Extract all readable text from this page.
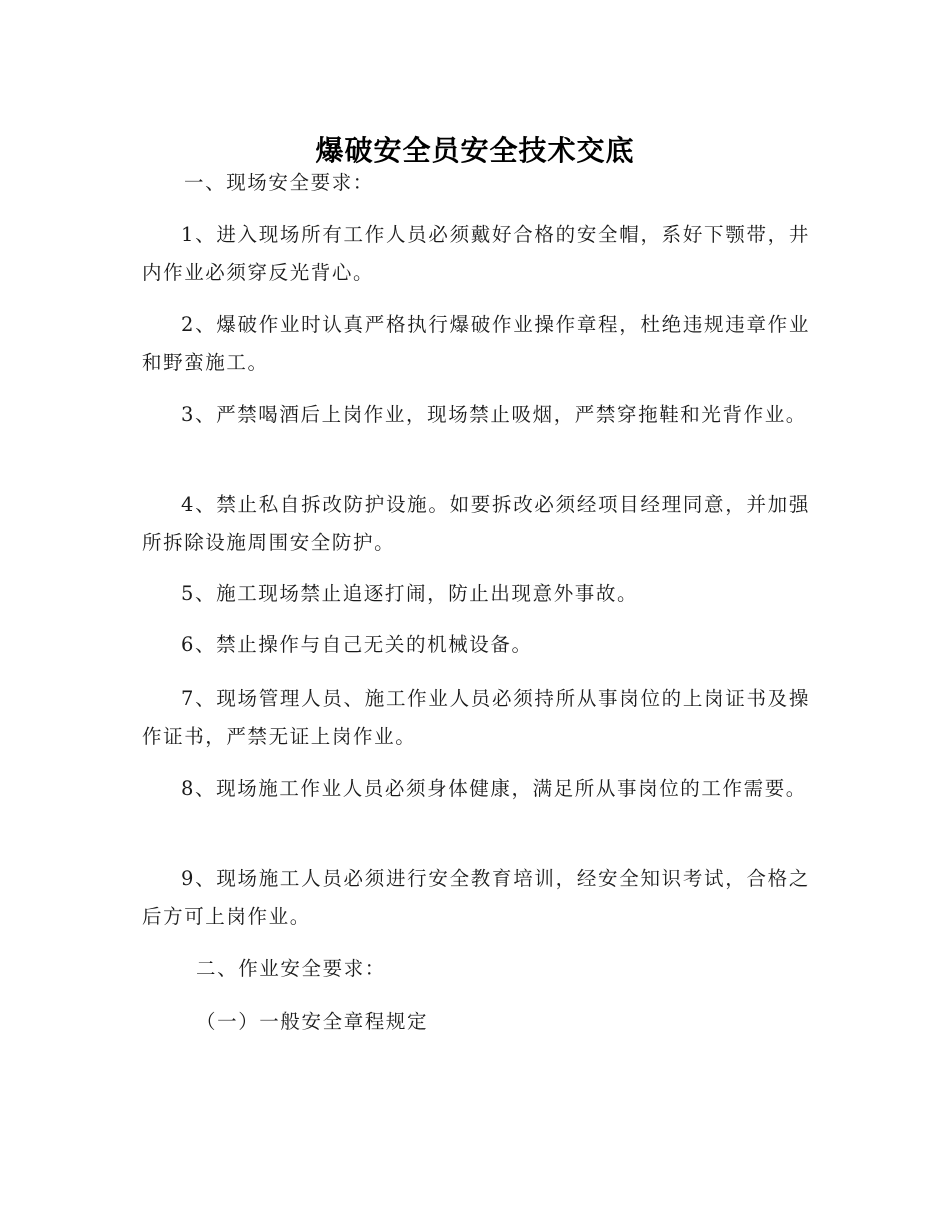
爆破安全员安全技术交底

一、现场安全要求：

1、进入现场所有工作人员必须戴好合格的安全帽，系好下颚带，井内作业必须穿反光背心。

2、爆破作业时认真严格执行爆破作业操作章程，杜绝违规违章作业和野蛮施工。

3、严禁喝酒后上岗作业，现场禁止吸烟，严禁穿拖鞋和光背作业。

4、禁止私自拆改防护设施。如要拆改必须经项目经理同意，并加强所拆除设施周围安全防护。

5、施工现场禁止追逐打闹，防止出现意外事故。

6、禁止操作与自己无关的机械设备。

7、现场管理人员、施工作业人员必须持所从事岗位的上岗证书及操作证书，严禁无证上岗作业。

8、现场施工作业人员必须身体健康，满足所从事岗位的工作需要。

9、现场施工人员必须进行安全教育培训，经安全知识考试，合格之后方可上岗作业。

二、作业安全要求：

（一）一般安全章程规定
